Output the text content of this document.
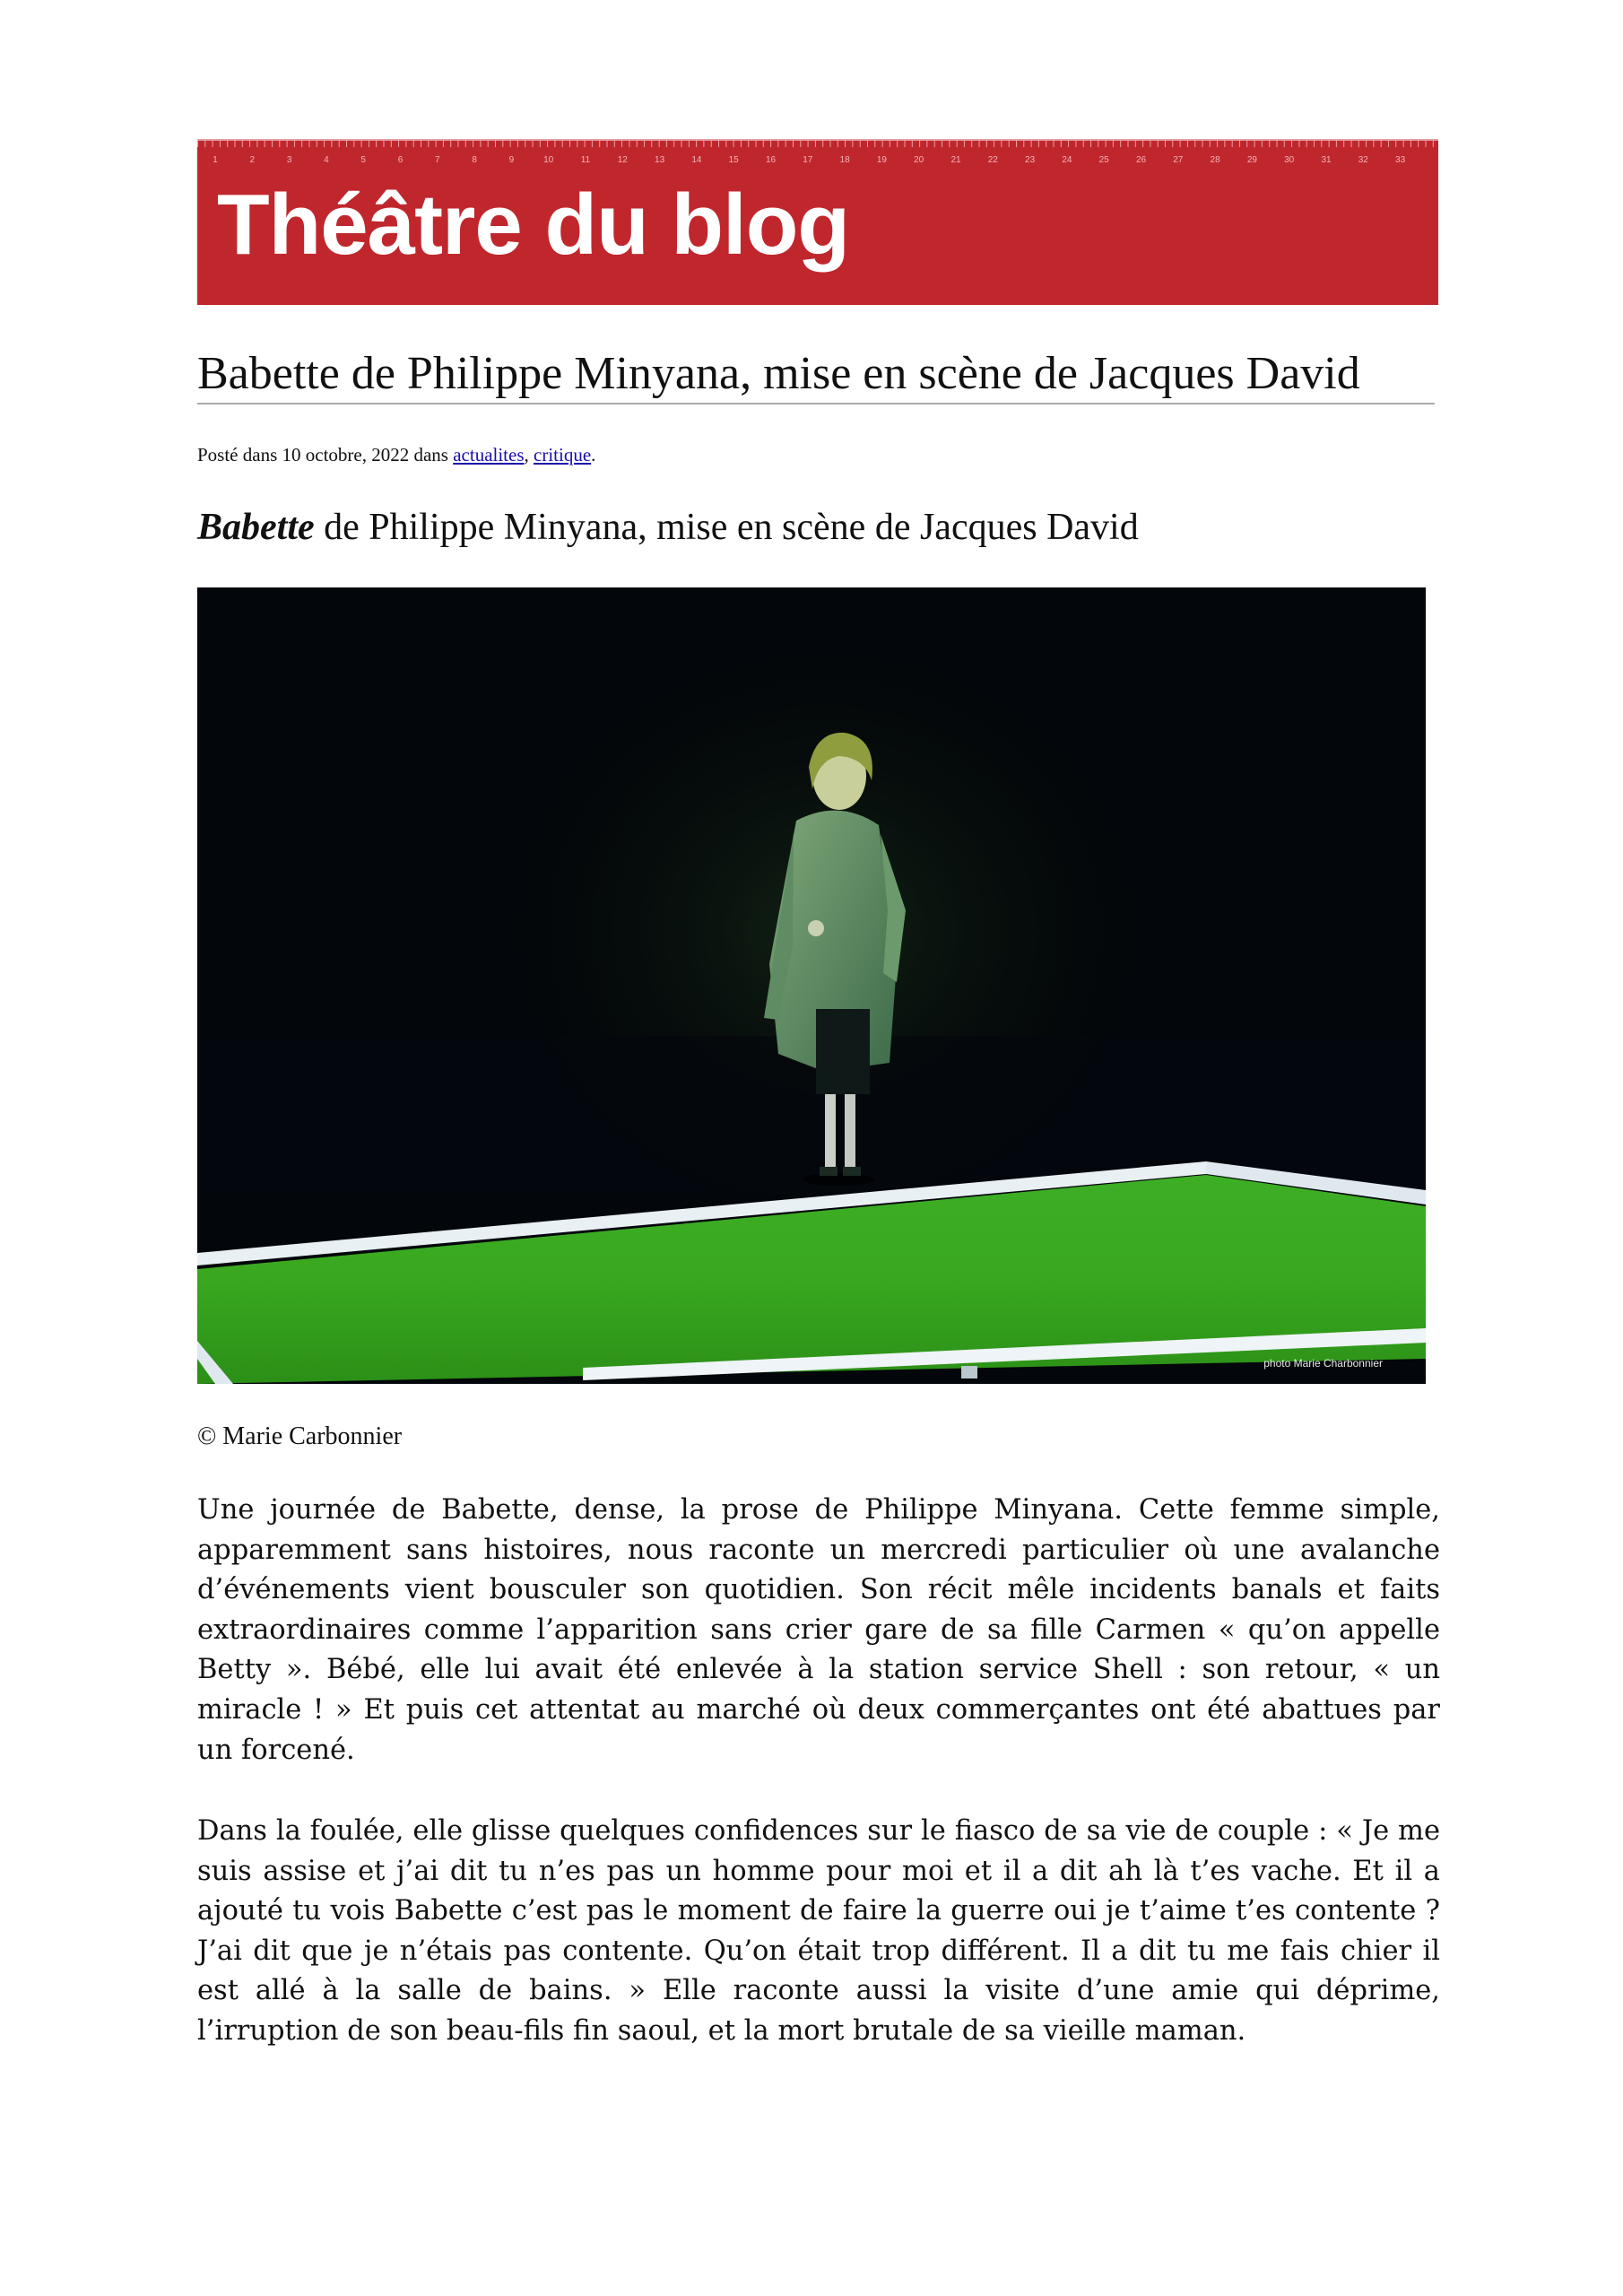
1	2	3	4	5	6	7	8	9	10	11	12	13	14	15	16	17	18	19	20	21	22	23	24	25	26	27	28	29	30	31	32	33
Théâtre du blog
Babette de Philippe Minyana, mise en scène de Jacques David
Posté dans 10 octobre, 2022 dans actualites, critique.
Babette de Philippe Minyana, mise en scène de Jacques David
photo Marie Charbonnier
© Marie Carbonnier

Une journée de Babette, dense, la prose de Philippe Minyana. Cette femme simple, apparemment sans histoires, nous raconte un mercredi particulier où une avalanche d’événements vient bousculer son quotidien. Son récit mêle incidents banals et faits extraordinaires comme l’apparition sans crier gare de sa fille Carmen « qu’on appelle Betty ». Bébé, elle lui avait été enlevée à la station service Shell : son retour, « un miracle ! » Et puis cet attentat au marché où deux commerçantes ont été abattues par un forcené.

Dans la foulée, elle glisse quelques confidences sur le fiasco de sa vie de couple : « Je me suis assise et j’ai dit tu n’es pas un homme pour moi et il a dit ah là t’es vache. Et il a ajouté tu vois Babette c’est pas le moment de faire la guerre oui je t’aime t’es contente ? J’ai dit que je n’étais pas contente. Qu’on était trop différent. Il a dit tu me fais chier il est allé à la salle de bains. » Elle raconte aussi la visite d’une amie qui déprime, l’irruption de son beau-fils fin saoul, et la mort brutale de sa vieille maman.
